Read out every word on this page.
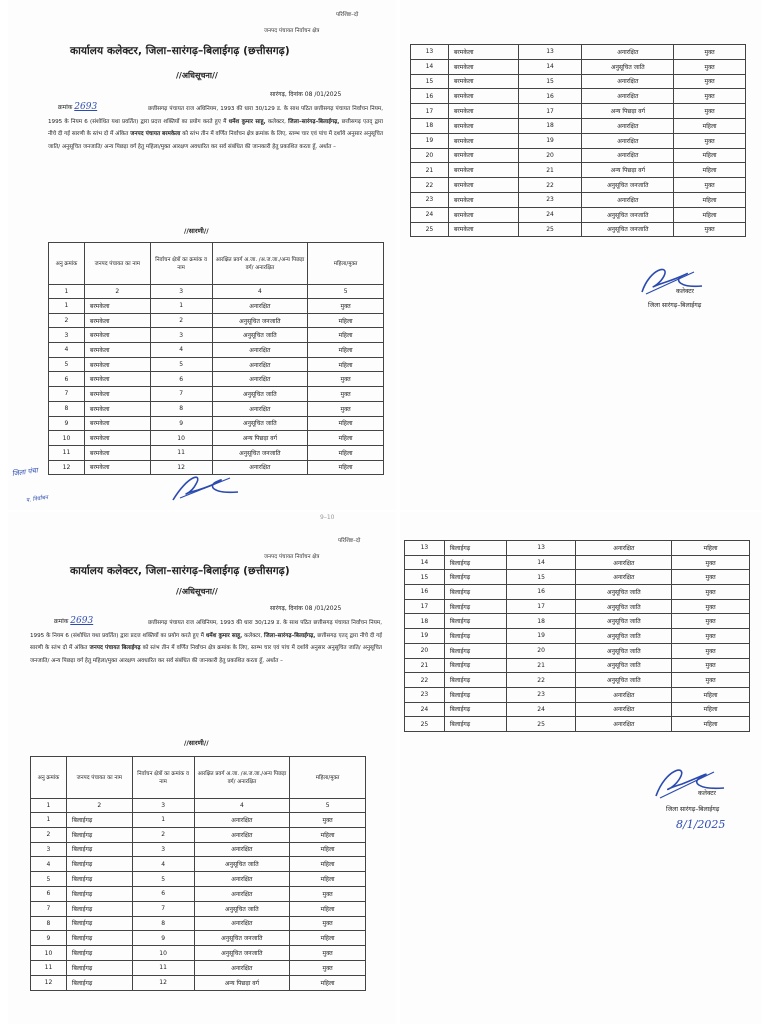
परिशिष्ट–दो
जनपद पंचायत निर्वाचन क्षेत्र
कार्यालय कलेक्टर, जिला–सारंगढ़–बिलाईगढ़ (छत्तीसगढ़)
//अधिसूचना//
सारंगढ़, दिनांक 08 /01/2025
क्रमांक 2693	छत्तीसगढ़ पंचायत राज अधिनियम, 1993 की धारा 30/129 ड. के साथ पठित छत्तीसगढ़ पंचायत निर्वाचन नियम, 1995 के नियम 6 (संशोधित यथा प्रवर्तित) द्वारा प्रदत्त शक्तियों का प्रयोग करते हुए मैं धर्मेश कुमार साहू, कलेक्टर, जिला–सारंगढ़–बिलाईगढ़, छत्तीसगढ़ एतद् द्वारा नीचे दी गई सारणी के स्तंभ दो में अंकित जनपद पंचायत बरमकेला को स्तंभ तीन में वर्णित निर्वाचन क्षेत्र क्रमांक के लिए, स्तम्भ चार एवं पांच में दर्शाये अनुसार अनुसूचित जाति/ अनुसूचित जनजाति/ अन्य पिछड़ा वर्ग हेतु महिला/मुक्त आरक्षण अवधारित कर सर्व संबंधित की जानकारी हेतु प्रकाशित करता हूँ, अर्थात –
//सारणी//
अनु क्रमांक	जनपद पंचायत का नाम	निर्वाचन क्षेत्रों का क्रमांक व नाम	आरक्षित प्रवर्ग अ.जा. /अ.ज.जा./अन्य पिछड़ा वर्ग/ अनारक्षित	महिला/मुक्त
1	2	3	4	5
1	बरमकेला	1	अनारक्षित	मुक्त
2	बरमकेला	2	अनुसूचित जनजाति	महिला
3	बरमकेला	3	अनुसूचित जाति	महिला
4	बरमकेला	4	अनारक्षित	महिला
5	बरमकेला	5	अनारक्षित	महिला
6	बरमकेला	6	अनारक्षित	मुक्त
7	बरमकेला	7	अनुसूचित जाति	मुक्त
8	बरमकेला	8	अनारक्षित	मुक्त
9	बरमकेला	9	अनुसूचित जाति	महिला
10	बरमकेला	10	अन्य पिछड़ा वर्ग	महिला
11	बरमकेला	11	अनुसूचित जनजाति	महिला
12	बरमकेला	12	अनारक्षित	महिला
जिला पंचा
प. निर्वाचन
13	बरमकेला	13	अनारक्षित	मुक्त
14	बरमकेला	14	अनुसूचित जाति	मुक्त
15	बरमकेला	15	अनारक्षित	मुक्त
16	बरमकेला	16	अनारक्षित	मुक्त
17	बरमकेला	17	अन्य पिछड़ा वर्ग	मुक्त
18	बरमकेला	18	अनारक्षित	महिला
19	बरमकेला	19	अनारक्षित	मुक्त
20	बरमकेला	20	अनारक्षित	महिला
21	बरमकेला	21	अन्य पिछड़ा वर्ग	महिला
22	बरमकेला	22	अनुसूचित जनजाति	मुक्त
23	बरमकेला	23	अनारक्षित	महिला
24	बरमकेला	24	अनुसूचित जनजाति	महिला
25	बरमकेला	25	अनुसूचित जनजाति	मुक्त
कलेक्टर
जिला सारंगढ़–बिलाईगढ़
9–10
परिशिष्ट–दो
जनपद पंचायत निर्वाचन क्षेत्र
कार्यालय कलेक्टर, जिला–सारंगढ़–बिलाईगढ़ (छत्तीसगढ़)
//अधिसूचना//
सारंगढ़, दिनांक 08 /01/2025
क्रमांक 2693	छत्तीसगढ़ पंचायत राज अधिनियम, 1993 की धारा 30/129 ड. के साथ पठित छत्तीसगढ़ पंचायत निर्वाचन नियम, 1995 के नियम 6 (संशोधित यथा प्रवर्तित) द्वारा प्रदत्त शक्तियों का प्रयोग करते हुए मैं धर्मेश कुमार साहू, कलेक्टर, जिला–सारंगढ़–बिलाईगढ़, छत्तीसगढ़ एतद् द्वारा नीचे दी गई सारणी के स्तंभ दो में अंकित जनपद पंचायत बिलाईगढ़ को स्तंभ तीन में वर्णित निर्वाचन क्षेत्र क्रमांक के लिए, स्तम्भ चार एवं पांच में दर्शाये अनुसार अनुसूचित जाति/ अनुसूचित जनजाति/ अन्य पिछड़ा वर्ग हेतु महिला/मुक्त आरक्षण अवधारित कर सर्व संबंधित की जानकारी हेतु प्रकाशित करता हूँ, अर्थात –
//सारणी//
अनु क्रमांक	जनपद पंचायत का नाम	निर्वाचन क्षेत्रों का क्रमांक व नाम	आरक्षित प्रवर्ग अ.जा. /अ.ज.जा./अन्य पिछड़ा वर्ग/ अनारक्षित	महिला/मुक्त
1	2	3	4	5
1	बिलाईगढ़	1	अनारक्षित	मुक्त
2	बिलाईगढ़	2	अनारक्षित	महिला
3	बिलाईगढ़	3	अनारक्षित	महिला
4	बिलाईगढ़	4	अनुसूचित जाति	महिला
5	बिलाईगढ़	5	अनारक्षित	महिला
6	बिलाईगढ़	6	अनारक्षित	मुक्त
7	बिलाईगढ़	7	अनुसूचित जाति	महिला
8	बिलाईगढ़	8	अनारक्षित	मुक्त
9	बिलाईगढ़	9	अनुसूचित जनजाति	महिला
10	बिलाईगढ़	10	अनुसूचित जनजाति	मुक्त
11	बिलाईगढ़	11	अनारक्षित	मुक्त
12	बिलाईगढ़	12	अन्य पिछड़ा वर्ग	महिला
13	बिलाईगढ़	13	अनारक्षित	महिला
14	बिलाईगढ़	14	अनारक्षित	मुक्त
15	बिलाईगढ़	15	अनारक्षित	मुक्त
16	बिलाईगढ़	16	अनुसूचित जाति	मुक्त
17	बिलाईगढ़	17	अनुसूचित जाति	मुक्त
18	बिलाईगढ़	18	अनुसूचित जाति	मुक्त
19	बिलाईगढ़	19	अनुसूचित जाति	मुक्त
20	बिलाईगढ़	20	अनुसूचित जाति	मुक्त
21	बिलाईगढ़	21	अनुसूचित जाति	मुक्त
22	बिलाईगढ़	22	अनुसूचित जाति	मुक्त
23	बिलाईगढ़	23	अनारक्षित	महिला
24	बिलाईगढ़	24	अनारक्षित	महिला
25	बिलाईगढ़	25	अनारक्षित	महिला
कलेक्टर
जिला सारंगढ़–बिलाईगढ़
8/1/2025
